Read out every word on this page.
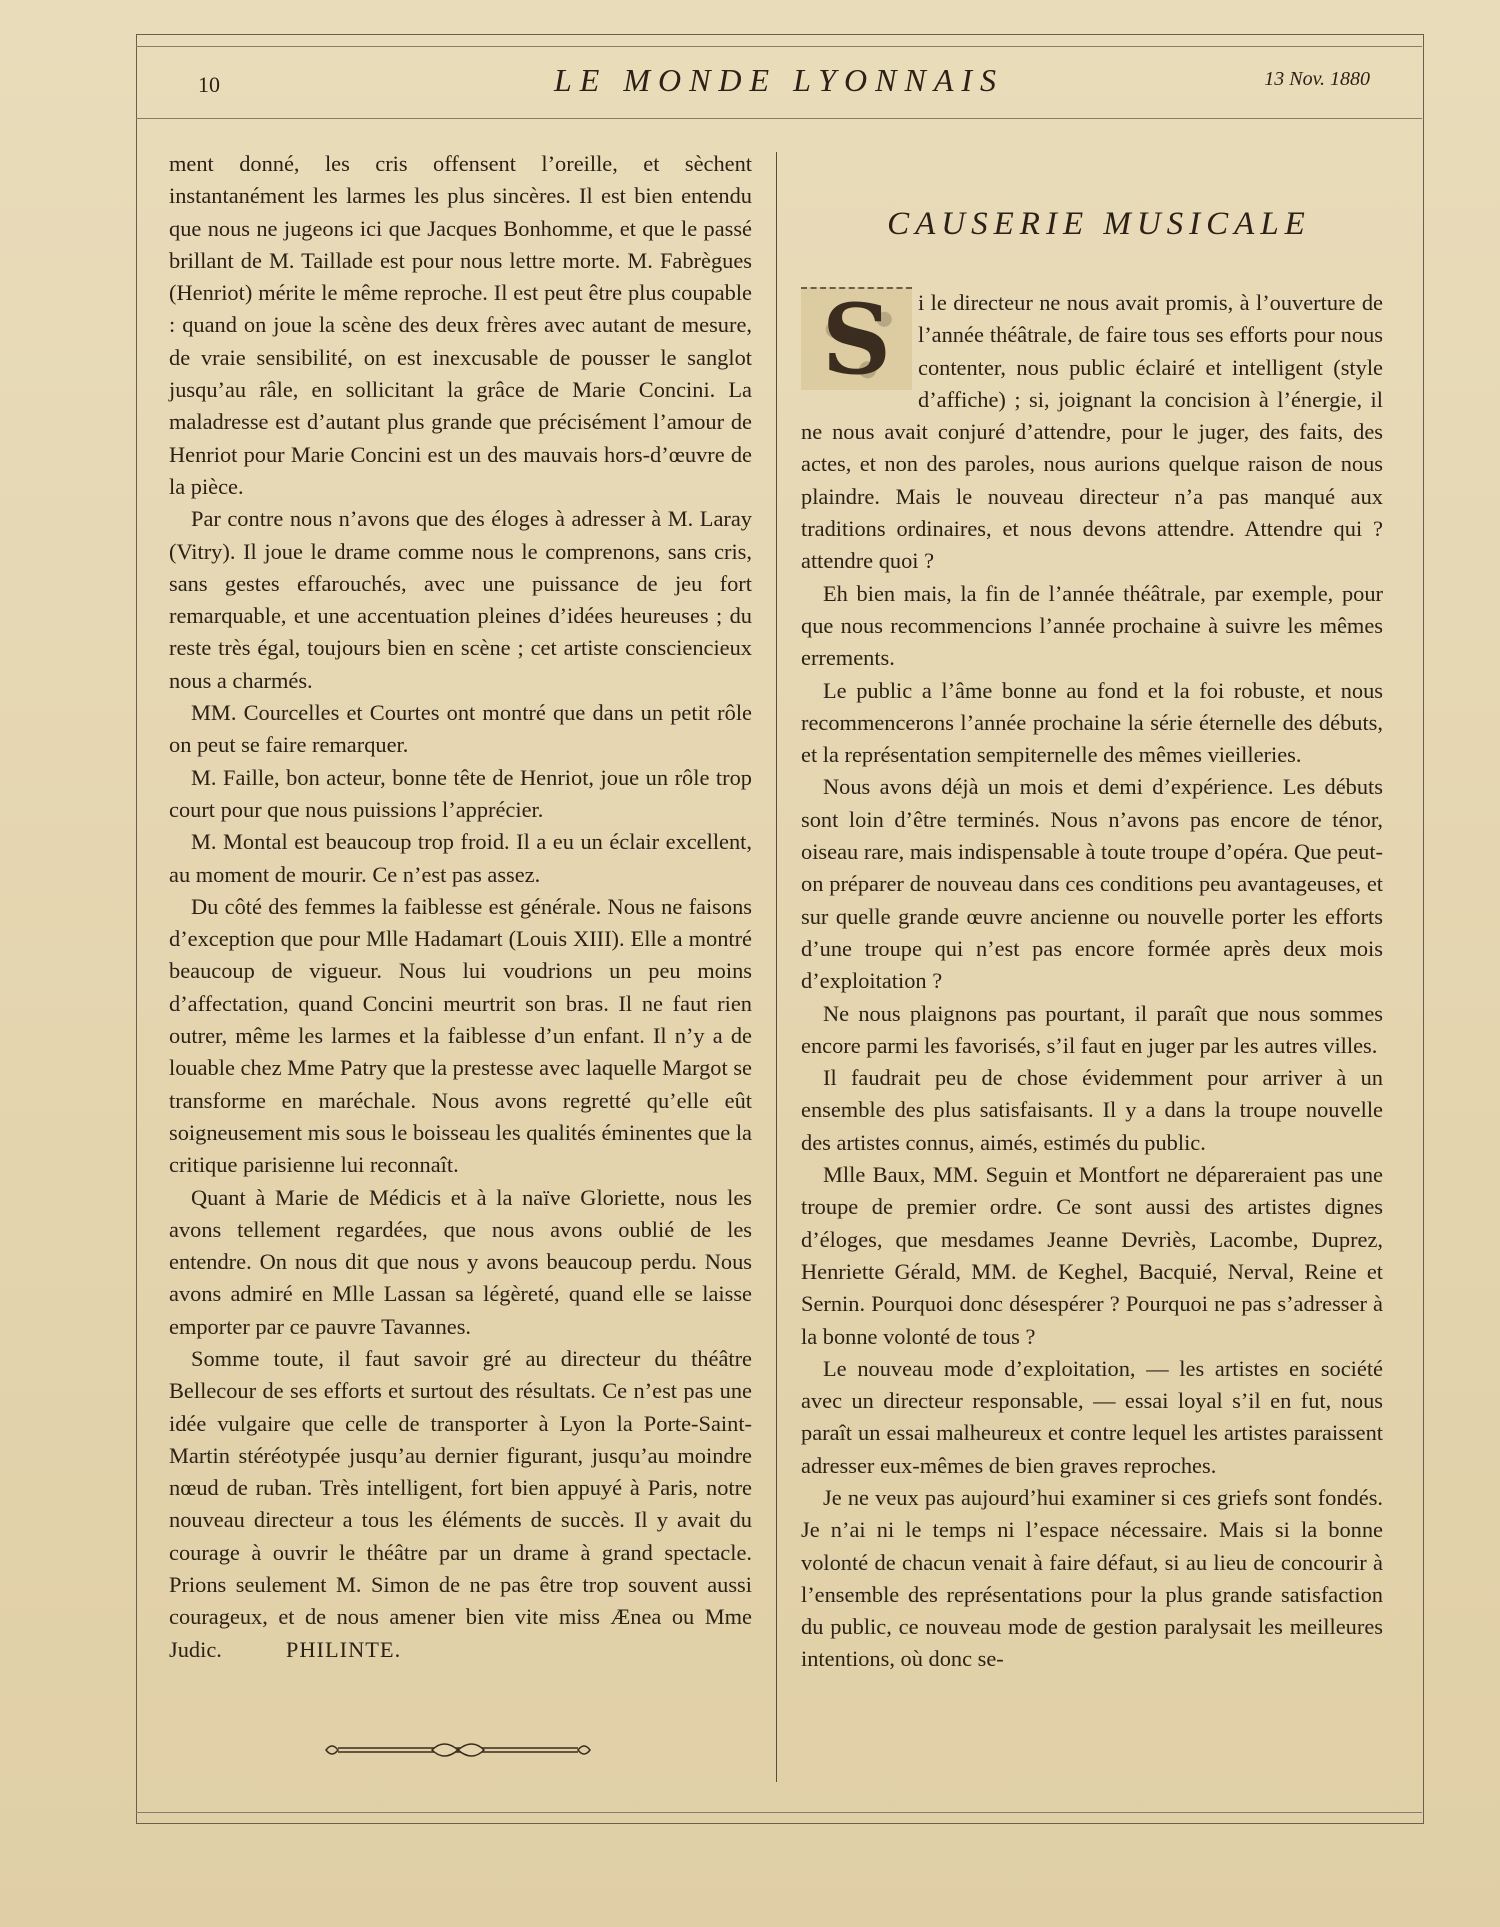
10	LE MONDE LYONNAIS	13 Nov. 1880

ment donné, les cris offensent l’oreille, et sèchent instantanément les larmes les plus sincères. Il est bien entendu que nous ne jugeons ici que Jacques Bonhomme, et que le passé brillant de M. Taillade est pour nous lettre morte. M. Fabrègues (Henriot) mérite le même reproche. Il est peut être plus coupable : quand on joue la scène des deux frères avec autant de mesure, de vraie sensibilité, on est inexcusable de pousser le sanglot jusqu’au râle, en sollicitant la grâce de Marie Concini. La maladresse est d’autant plus grande que précisément l’amour de Henriot pour Marie Concini est un des mauvais hors-d’œuvre de la pièce.

Par contre nous n’avons que des éloges à adresser à M. Laray (Vitry). Il joue le drame comme nous le comprenons, sans cris, sans gestes effarouchés, avec une puissance de jeu fort remarquable, et une accentuation pleines d’idées heureuses ; du reste très égal, toujours bien en scène ; cet artiste consciencieux nous a charmés.

MM. Courcelles et Courtes ont montré que dans un petit rôle on peut se faire remarquer.

M. Faille, bon acteur, bonne tête de Henriot, joue un rôle trop court pour que nous puissions l’apprécier.

M. Montal est beaucoup trop froid. Il a eu un éclair excellent, au moment de mourir. Ce n’est pas assez.

Du côté des femmes la faiblesse est générale. Nous ne faisons d’exception que pour Mlle Hadamart (Louis XIII). Elle a montré beaucoup de vigueur. Nous lui voudrions un peu moins d’affectation, quand Concini meurtrit son bras. Il ne faut rien outrer, même les larmes et la faiblesse d’un enfant. Il n’y a de louable chez Mme Patry que la prestesse avec laquelle Margot se transforme en maréchale. Nous avons regretté qu’elle eût soigneusement mis sous le boisseau les qualités éminentes que la critique parisienne lui reconnaît.

Quant à Marie de Médicis et à la naïve Gloriette, nous les avons tellement regardées, que nous avons oublié de les entendre. On nous dit que nous y avons beaucoup perdu. Nous avons admiré en Mlle Lassan sa légèreté, quand elle se laisse emporter par ce pauvre Tavannes.

Somme toute, il faut savoir gré au directeur du théâtre Bellecour de ses efforts et surtout des résultats. Ce n’est pas une idée vulgaire que celle de transporter à Lyon la Porte-Saint-Martin stéréotypée jusqu’au dernier figurant, jusqu’au moindre nœud de ruban. Très intelligent, fort bien appuyé à Paris, notre nouveau directeur a tous les éléments de succès. Il y avait du courage à ouvrir le théâtre par un drame à grand spectacle. Prions seulement M. Simon de ne pas être trop souvent aussi courageux, et de nous amener bien vite miss Ænea ou Mme Judic.	PHILINTE.

CAUSERIE MUSICALE

S	i le directeur ne nous avait promis, à l’ouverture de l’année théâtrale, de faire tous ses efforts pour nous contenter, nous public éclairé et intelligent (style d’affiche) ; si, joignant la concision à l’énergie, il ne nous avait conjuré d’attendre, pour le juger, des faits, des actes, et non des paroles, nous aurions quelque raison de nous plaindre. Mais le nouveau directeur n’a pas manqué aux traditions ordinaires, et nous devons attendre. Attendre qui ? attendre quoi ?

Eh bien mais, la fin de l’année théâtrale, par exemple, pour que nous recommencions l’année prochaine à suivre les mêmes errements.

Le public a l’âme bonne au fond et la foi robuste, et nous recommencerons l’année prochaine la série éternelle des débuts, et la représentation sempiternelle des mêmes vieilleries.

Nous avons déjà un mois et demi d’expérience. Les débuts sont loin d’être terminés. Nous n’avons pas encore de ténor, oiseau rare, mais indispensable à toute troupe d’opéra. Que peut-on préparer de nouveau dans ces conditions peu avantageuses, et sur quelle grande œuvre ancienne ou nouvelle porter les efforts d’une troupe qui n’est pas encore formée après deux mois d’exploitation ?

Ne nous plaignons pas pourtant, il paraît que nous sommes encore parmi les favorisés, s’il faut en juger par les autres villes.

Il faudrait peu de chose évidemment pour arriver à un ensemble des plus satisfaisants. Il y a dans la troupe nouvelle des artistes connus, aimés, estimés du public.

Mlle Baux, MM. Seguin et Montfort ne dépareraient pas une troupe de premier ordre. Ce sont aussi des artistes dignes d’éloges, que mesdames Jeanne Devriès, Lacombe, Duprez, Henriette Gérald, MM. de Keghel, Bacquié, Nerval, Reine et Sernin. Pourquoi donc désespérer ? Pourquoi ne pas s’adresser à la bonne volonté de tous ?

Le nouveau mode d’exploitation, — les artistes en société avec un directeur responsable, — essai loyal s’il en fut, nous paraît un essai malheureux et contre lequel les artistes paraissent adresser eux-mêmes de bien graves reproches.

Je ne veux pas aujourd’hui examiner si ces griefs sont fondés. Je n’ai ni le temps ni l’espace nécessaire. Mais si la bonne volonté de chacun venait à faire défaut, si au lieu de concourir à l’ensemble des représentations pour la plus grande satisfaction du public, ce nouveau mode de gestion paralysait les meilleures intentions, où donc se-
